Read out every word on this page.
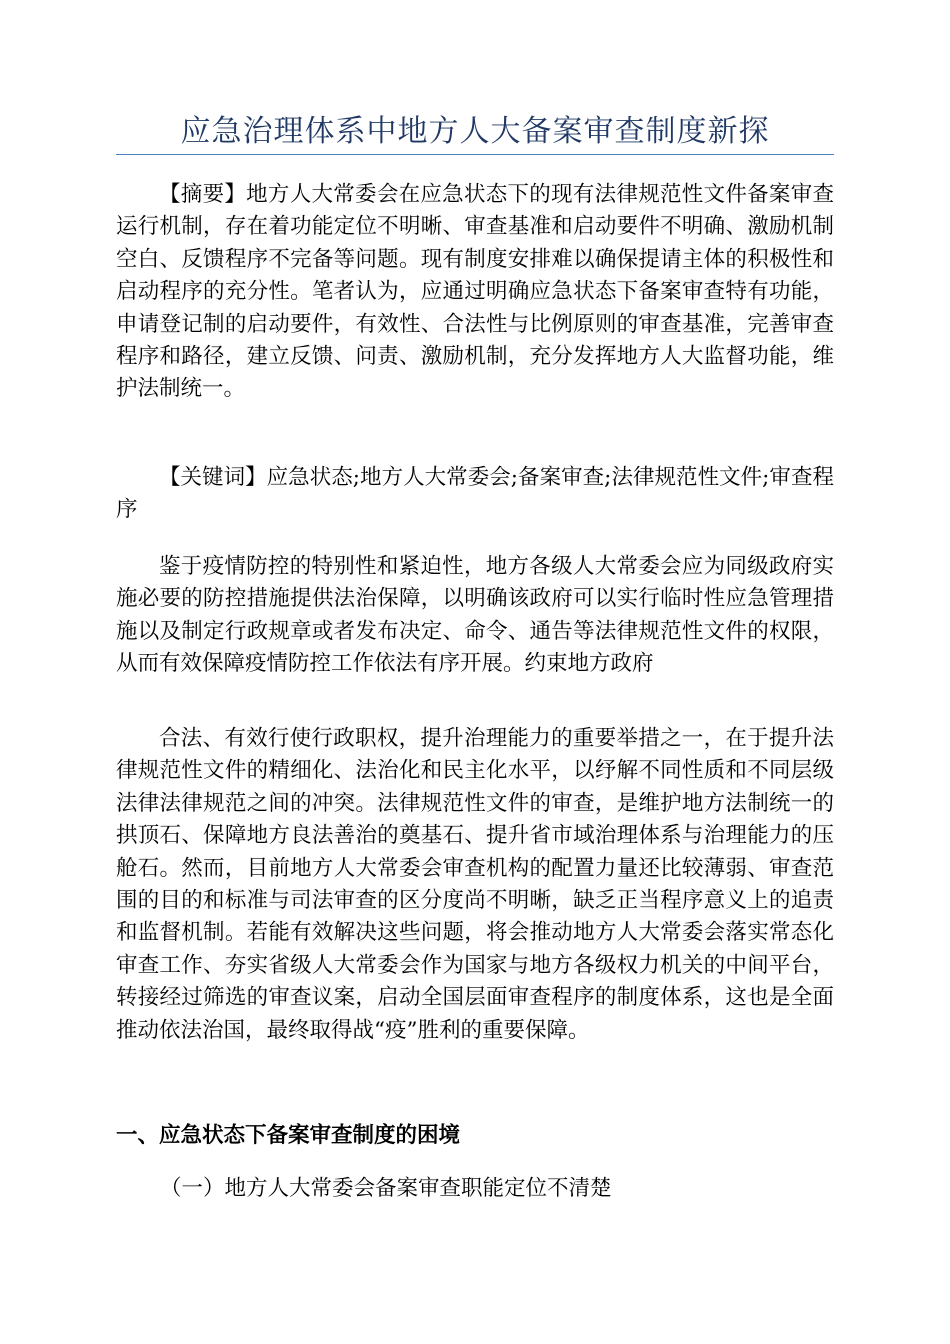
应急治理体系中地方人大备案审查制度新探

【摘要】地方人大常委会在应急状态下的现有法律规范性文件备案审查运行机制，存在着功能定位不明晰、审查基准和启动要件不明确、激励机制空白、反馈程序不完备等问题。现有制度安排难以确保提请主体的积极性和启动程序的充分性。笔者认为，应通过明确应急状态下备案审查特有功能，申请登记制的启动要件，有效性、合法性与比例原则的审查基准，完善审查程序和路径，建立反馈、问责、激励机制，充分发挥地方人大监督功能，维护法制统一。

【关键词】应急状态;地方人大常委会;备案审查;法律规范性文件;审查程序

鉴于疫情防控的特别性和紧迫性，地方各级人大常委会应为同级政府实施必要的防控措施提供法治保障，以明确该政府可以实行临时性应急管理措施以及制定行政规章或者发布决定、命令、通告等法律规范性文件的权限，从而有效保障疫情防控工作依法有序开展。约束地方政府

合法、有效行使行政职权，提升治理能力的重要举措之一，在于提升法律规范性文件的精细化、法治化和民主化水平，以纾解不同性质和不同层级法律法律规范之间的冲突。法律规范性文件的审查，是维护地方法制统一的拱顶石、保障地方良法善治的奠基石、提升省市域治理体系与治理能力的压舱石。然而，目前地方人大常委会审查机构的配置力量还比较薄弱、审查范围的目的和标准与司法审查的区分度尚不明晰，缺乏正当程序意义上的追责和监督机制。若能有效解决这些问题，将会推动地方人大常委会落实常态化审查工作、夯实省级人大常委会作为国家与地方各级权力机关的中间平台，转接经过筛选的审查议案，启动全国层面审查程序的制度体系，这也是全面推动依法治国，最终取得战“疫”胜利的重要保障。

一、应急状态下备案审查制度的困境
（一）地方人大常委会备案审查职能定位不清楚
